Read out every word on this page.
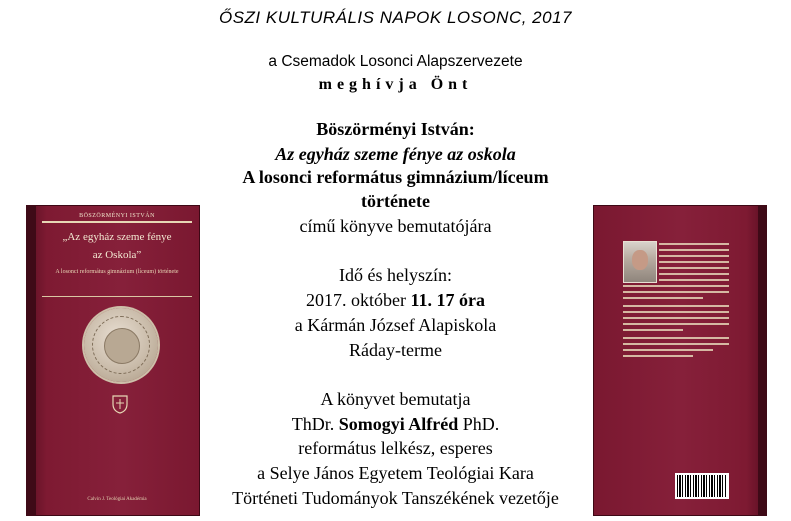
ŐSZI KULTURÁLIS NAPOK LOSONC, 2017
a Csemadok Losonci Alapszervezete
meghívja Önt
Böszörményi István:
Az egyház szeme fénye az oskola
A losonci református gimnázium/líceum
története
című könyve bemutatójára
Idő és helyszín:
2017. október 11. 17 óra
a Kármán József Alapiskola
Ráday-terme
A könyvet bemutatja
ThDr. Somogyi Alfréd PhD.
református lelkész, esperes
a Selye János Egyetem Teológiai Kara
Történeti Tudományok Tanszékének vezetője
BÖSZÖRMÉNYI ISTVÁN
„Az egyház szeme fénye
az Oskola”
A losonci református gimnázium (líceum) története
Calvin J. Teológiai Akadémia
